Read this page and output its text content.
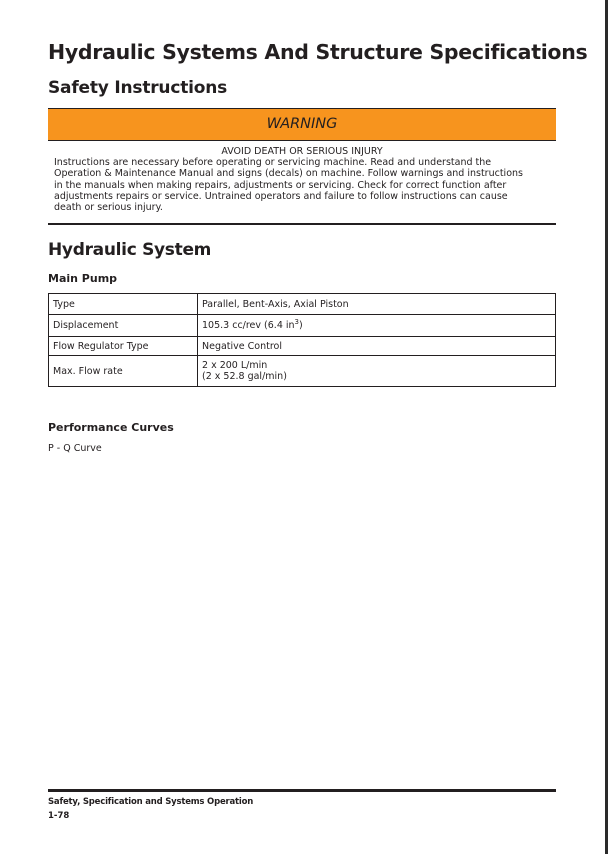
Hydraulic Systems And Structure Specifications
Safety Instructions
WARNING
AVOID DEATH OR SERIOUS INJURY
Instructions are necessary before operating or servicing machine. Read and understand the
Operation & Maintenance Manual and signs (decals) on machine. Follow warnings and instructions
in the manuals when making repairs, adjustments or servicing. Check for correct function after
adjustments repairs or service. Untrained operators and failure to follow instructions can cause
death or serious injury.
Hydraulic System
Main Pump
Type	Parallel, Bent-Axis, Axial Piston
Displacement	105.3 cc/rev (6.4 $in^3$)
Flow Regulator Type	Negative Control
Max. Flow rate	2 x 200 L/min
(2 x 52.8 gal/min)
Performance Curves
P - Q Curve
Safety, Specification and Systems Operation
1-78
